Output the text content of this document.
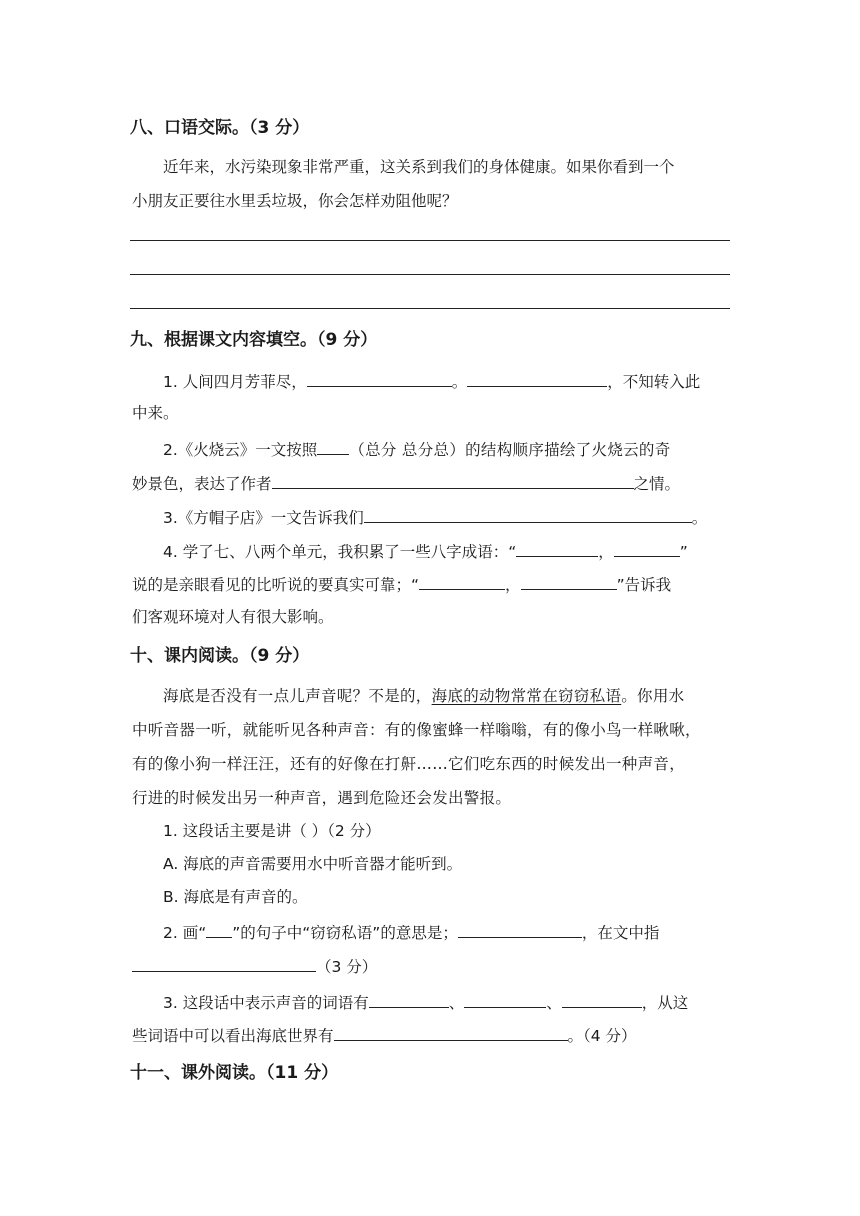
八、口语交际。（3 分）
近年来，水污染现象非常严重，这关系到我们的身体健康。如果你看到一个
小朋友正要往水里丢垃圾，你会怎样劝阻他呢？
九、根据课文内容填空。（9 分）
1. 人间四月芳菲尽，	。	，不知转入此
中来。
2.《火烧云》一文按照 （总分 总分总）的结构顺序描绘了火烧云的奇
妙景色，表达了作者	之情。
3.《方帽子店》一文告诉我们	。
4. 学了七、八两个单元，我积累了一些八字成语：“	，	”
说的是亲眼看见的比听说的要真实可靠；“	，	”告诉我
们客观环境对人有很大影响。
十、课内阅读。（9 分）
海底是否没有一点儿声音呢？不是的，海底的动物常常在窃窃私语。你用水
中听音器一听，就能听见各种声音：有的像蜜蜂一样嗡嗡，有的像小鸟一样啾啾，
有的像小狗一样汪汪，还有的好像在打鼾……它们吃东西的时候发出一种声音，
行进的时候发出另一种声音，遇到危险还会发出警报。
1. 这段话主要是讲（ ）（2 分）
A. 海底的声音需要用水中听音器才能听到。
B. 海底是有声音的。
2. 画“ ”的句子中“窃窃私语”的意思是；	，在文中指
（3 分）
3. 这段话中表示声音的词语有	、	、	，从这
些词语中可以看出海底世界有	。（4 分）
十一、课外阅读。（11 分）
